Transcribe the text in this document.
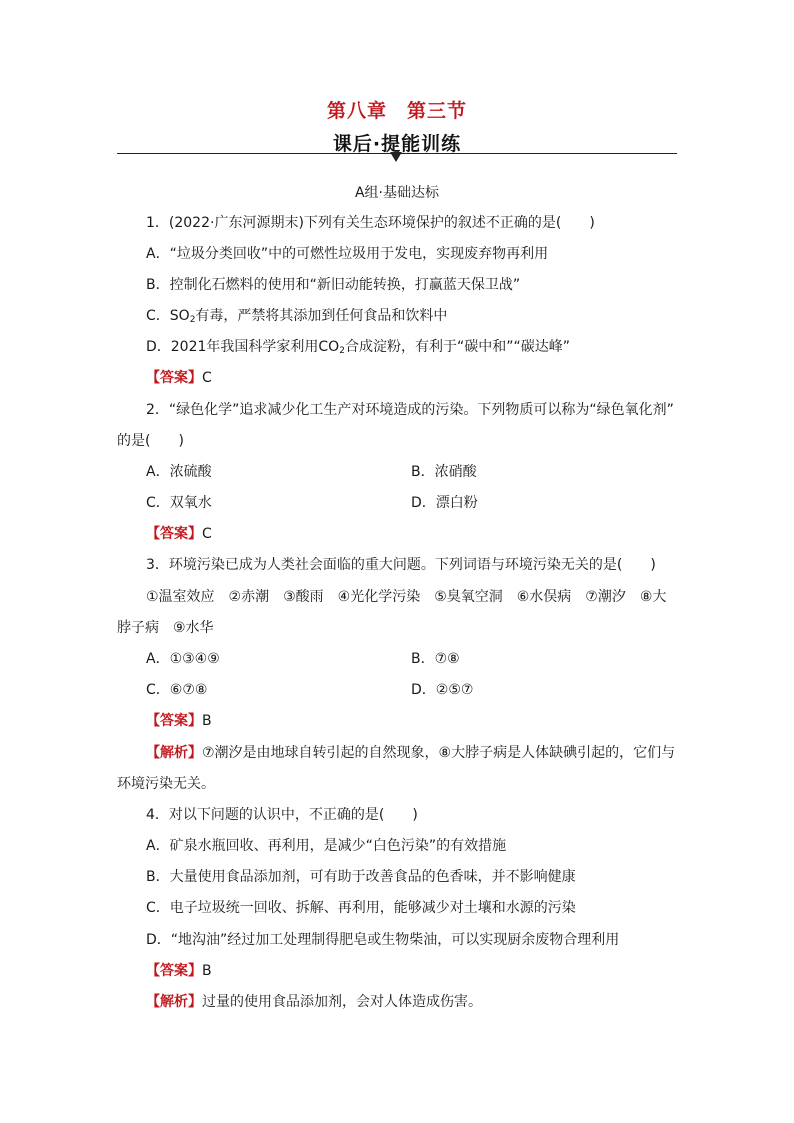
第八章　第三节
课后·提能训练
A组·基础达标
1．(2022·广东河源期末)下列有关生态环境保护的叙述不正确的是(　　)
A．“垃圾分类回收”中的可燃性垃圾用于发电，实现废弃物再利用
B．控制化石燃料的使用和“新旧动能转换，打赢蓝天保卫战”
C．$SO_2$有毒，严禁将其添加到任何食品和饮料中
D．2021年我国科学家利用$CO_2$合成淀粉，有利于“碳中和”“碳达峰”
【答案】C
2．“绿色化学”追求减少化工生产对环境造成的污染。下列物质可以称为“绿色氧化剂”
的是(　　)
A．浓硫酸	B．浓硝酸
C．双氧水	D．漂白粉
【答案】C
3．环境污染已成为人类社会面临的重大问题。下列词语与环境污染无关的是(　　)
①温室效应　②赤潮　③酸雨　④光化学污染　⑤臭氧空洞　⑥水俣病　⑦潮汐　⑧大
脖子病　⑨水华
A．①③④⑨	B．⑦⑧
C．⑥⑦⑧	D．②⑤⑦
【答案】B
【解析】⑦潮汐是由地球自转引起的自然现象，⑧大脖子病是人体缺碘引起的，它们与
环境污染无关。
4．对以下问题的认识中，不正确的是(　　)
A．矿泉水瓶回收、再利用，是减少“白色污染”的有效措施
B．大量使用食品添加剂，可有助于改善食品的色香味，并不影响健康
C．电子垃圾统一回收、拆解、再利用，能够减少对土壤和水源的污染
D．“地沟油”经过加工处理制得肥皂或生物柴油，可以实现厨余废物合理利用
【答案】B
【解析】过量的使用食品添加剂，会对人体造成伤害。
